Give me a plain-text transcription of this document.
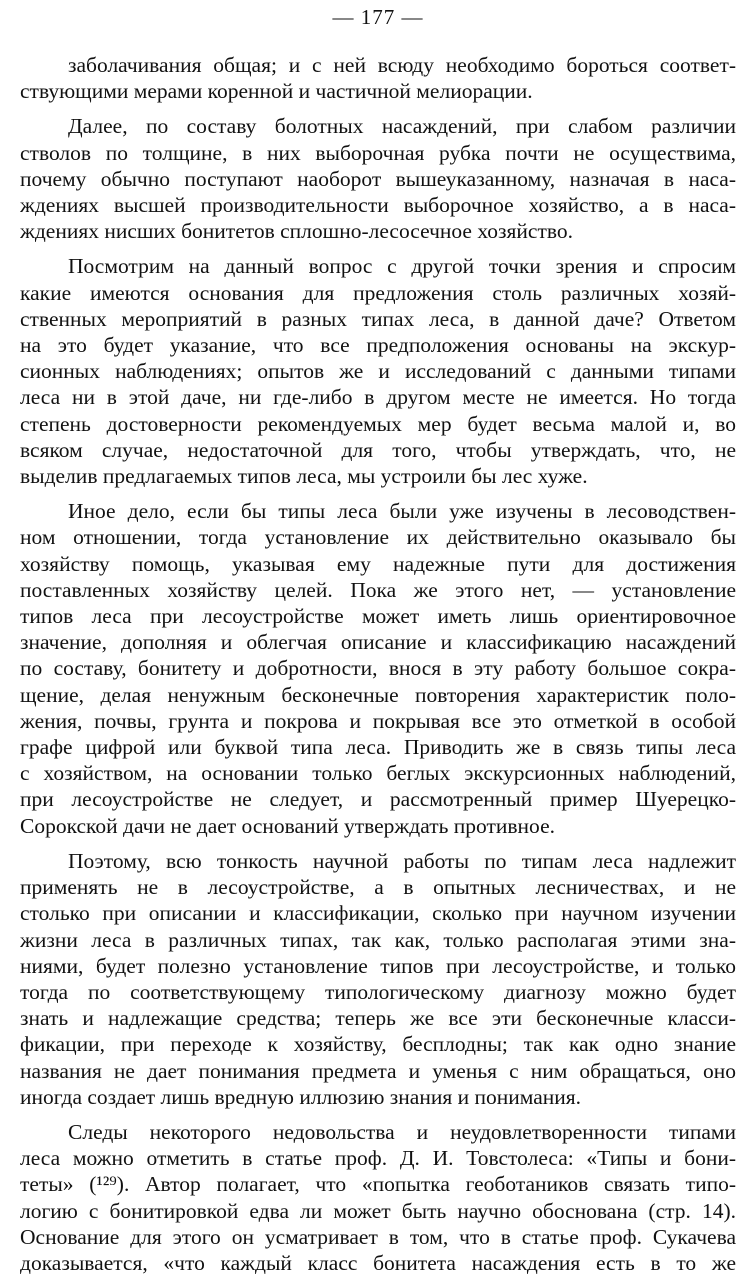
— 177 —
заболачивания общая; и с ней всюду необходимо бороться соответ-
ствующими мерами коренной и частичной мелиорации.
Далее, по составу болотных насаждений, при слабом различии
стволов по толщине, в них выборочная рубка почти не осуществима,
почему обычно поступают наоборот вышеуказанному, назначая в наса-
ждениях высшей производительности выборочное хозяйство, а в наса-
ждениях нисших бонитетов сплошно-лесосечное хозяйство.
Посмотрим на данный вопрос с другой точки зрения и спросим
какие имеются основания для предложения столь различных хозяй-
ственных мероприятий в разных типах леса, в данной даче? Ответом
на это будет указание, что все предположения основаны на экскур-
сионных наблюдениях; опытов же и исследований с данными типами
леса ни в этой даче, ни где-либо в другом месте не имеется. Но тогда
степень достоверности рекомендуемых мер будет весьма малой и, во
всяком случае, недостаточной для того, чтобы утверждать, что, не
выделив предлагаемых типов леса, мы устроили бы лес хуже.
Иное дело, если бы типы леса были уже изучены в лесоводствен-
ном отношении, тогда установление их действительно оказывало бы
хозяйству помощь, указывая ему надежные пути для достижения
поставленных хозяйству целей. Пока же этого нет, — установление
типов леса при лесоустройстве может иметь лишь ориентировочное
значение, дополняя и облегчая описание и классификацию насаждений
по составу, бонитету и добротности, внося в эту работу большое сокра-
щение, делая ненужным бесконечные повторения характеристик поло-
жения, почвы, грунта и покрова и покрывая все это отметкой в особой
графе цифрой или буквой типа леса. Приводить же в связь типы леса
с хозяйством, на основании только беглых экскурсионных наблюдений,
при лесоустройстве не следует, и рассмотренный пример Шуерецко-
Сорокской дачи не дает оснований утверждать противное.
Поэтому, всю тонкость научной работы по типам леса надлежит
применять не в лесоустройстве, а в опытных лесничествах, и не
столько при описании и классификации, сколько при научном изучении
жизни леса в различных типах, так как, только располагая этими зна-
ниями, будет полезно установление типов при лесоустройстве, и только
тогда по соответствующему типологическому диагнозу можно будет
знать и надлежащие средства; теперь же все эти бесконечные класси-
фикации, при переходе к хозяйству, бесплодны; так как одно знание
названия не дает понимания предмета и уменья с ним обращаться, оно
иногда создает лишь вредную иллюзию знания и понимания.
Следы некоторого недовольства и неудовлетворенности типами
леса можно отметить в статье проф. Д. И. Товстолеса: «Типы и бони-
теты» (¹²⁹). Автор полагает, что «попытка геоботаников связать типо-
логию с бонитировкой едва ли может быть научно обоснована (стр. 14).
Основание для этого он усматривает в том, что в статье проф. Сукачева
доказывается, «что каждый класс бонитета насаждения есть в то же
